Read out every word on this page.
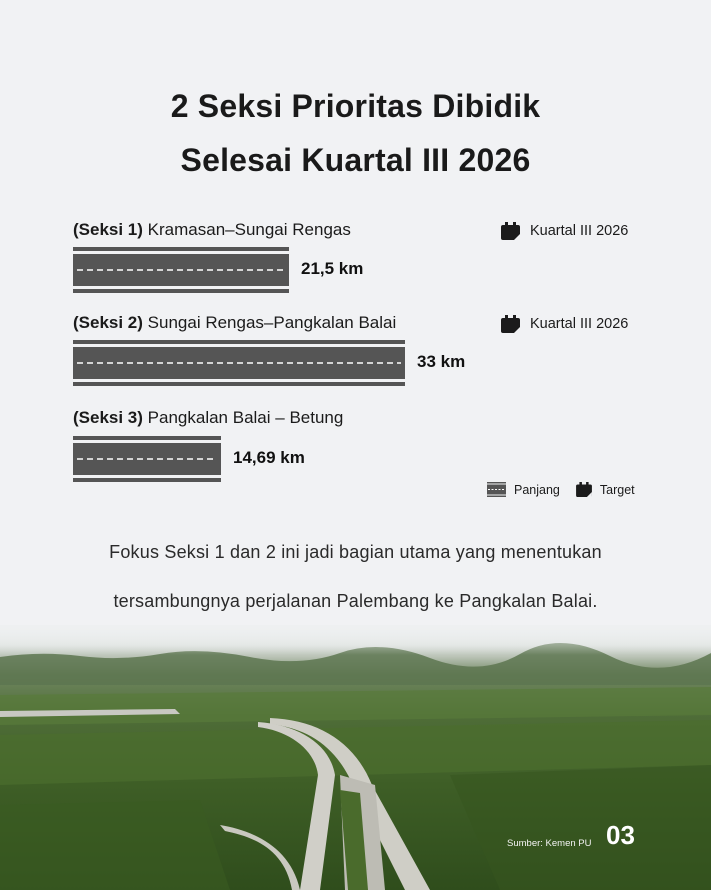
2 Seksi Prioritas Dibidik
Selesai Kuartal III 2026
(Seksi 1) Kramasan–Sungai Rengas	Kuartal III 2026
21,5 km
(Seksi 2) Sungai Rengas–Pangkalan Balai	Kuartal III 2026
33 km
(Seksi 3) Pangkalan Balai – Betung
14,69 km
Panjang	Target
Fokus Seksi 1 dan 2 ini jadi bagian utama yang menentukan
tersambungnya perjalanan Palembang ke Pangkalan Balai.
Sumber: Kemen PU 03
